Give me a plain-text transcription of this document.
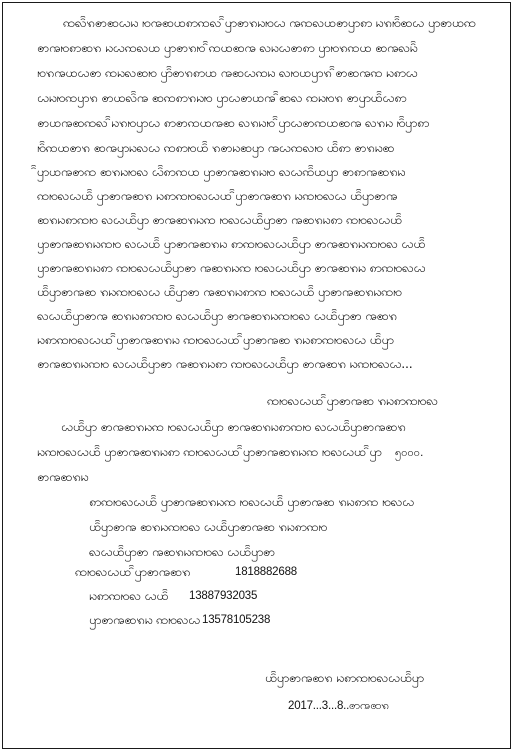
ꩡꩮꩰꩫꩦꩧꩬꩢ ꩯꩠꩧꩤꩱꩡꩮ ꩰꩥꩦꩫꩢꩯꩬ ꩠꩡꩮꩤꩦꩥꩱ ꩢꩫꩯꩰꩧꩬ ꩥꩦꩤꩡ
ꩦꩠꩯꩱꩧꩫ ꩢꩬꩡꩮꩤ ꩥꩦꩫꩯ ꩰꩡꩤꩧꩠ ꩮꩢꩬꩦꩱ ꩥꩯꩫꩡꩤ ꩧꩠꩮꩢꩰ
ꩯꩫꩠꩤꩬꩦ ꩡꩢꩮꩧꩯ ꩥꩰꩦꩫꩱꩤ ꩠꩧꩬꩡꩢ ꩮꩯꩤꩥꩫ ꩰꩦꩧꩠꩡ ꩢꩱꩬ
ꩬꩢꩯꩡꩥꩫ ꩦꩤꩮꩰꩠ ꩧꩡꩱꩫꩢꩯ ꩥꩬꩦꩤꩠ ꩰꩧꩮ ꩡꩢꩯꩫ ꩦꩥꩤꩰꩬꩱ
ꩦꩤꩠꩧꩡꩮ ꩰꩢꩫꩯꩥꩬ ꩱꩦꩡꩤꩠꩧ ꩮꩫꩢꩯ ꩰꩥꩬꩦꩡꩤꩧꩠ ꩮꩫꩢ ꩯꩰꩥꩱ
ꩯꩰꩡꩤꩦꩫ ꩧꩠꩥꩢꩮꩬ ꩡꩱꩯꩤꩰ ꩫꩦꩢꩧꩥ ꩠꩬꩡꩮꩯ ꩤꩰꩱ ꩦꩫꩢꩧ
ꩰꩥꩤꩠꩦꩡ ꩧꩫꩢꩯꩮ ꩬꩰꩱꩡꩤ ꩥꩦꩠꩧꩫꩢꩯ ꩮꩬꩡꩰꩤꩥ ꩦꩱꩠꩧꩫꩢ
ꩡꩯꩮꩬꩤꩰ ꩥꩦꩠꩧꩫ ꩢꩱꩡꩯꩮꩬꩤ ꩰꩥꩦꩠꩧꩫ ꩢꩡꩯꩮꩬ ꩤꩰꩥꩦꩠ
ꩧꩫꩢꩱꩡꩯ ꩮꩬꩤꩰꩥ ꩦꩠꩧꩫꩢꩡ ꩯꩮꩬꩤꩰꩥꩦ ꩠꩧꩫꩢꩱ ꩡꩯꩮꩬꩤꩰ
ꩥꩦꩠꩧꩫꩢꩡꩯ ꩮꩬꩤꩰ ꩥꩦꩠꩧꩫꩢ ꩱꩡꩯꩮꩬꩤꩰꩥ ꩦꩠꩧꩫꩢꩡꩯꩮ ꩬꩤꩰ
ꩥꩦꩠꩧꩫꩢꩱ ꩡꩯꩮꩬꩤꩰꩥꩦ ꩠꩧꩫꩢꩡ ꩯꩮꩬꩤꩰꩥ ꩦꩠꩧꩫꩢ ꩱꩡꩯꩮꩬ
ꩤꩰꩥꩦꩠꩧ ꩫꩢꩡꩯꩮꩬ ꩤꩰꩥꩦ ꩠꩧꩫꩢꩱꩡ ꩯꩮꩬꩤꩰ ꩥꩦꩠꩧꩫꩢꩡꩯ
ꩮꩬꩤꩰꩥꩦꩠ ꩧꩫꩢꩱꩡꩯ ꩮꩬꩤꩰꩥ ꩦꩠꩧꩫꩢꩡꩯꩮ ꩬꩤꩰꩥꩦ ꩠꩧꩫ
ꩢꩱꩡꩯꩮꩬꩤ ꩰꩥꩦꩠꩧꩫꩢ ꩡꩯꩮꩬꩤ ꩰꩥꩦꩠꩧ ꩫꩢꩱꩡꩯꩮꩬ ꩤꩰꩥ
ꩦꩠꩧꩫꩢꩡꩯ ꩮꩬꩤꩰꩥꩦ ꩠꩧꩫꩢꩱ ꩡꩯꩮꩬꩤꩰꩥ ꩦꩠꩧꩫ ꩢꩡꩯꩮꩬ...
ꩡꩯꩮꩬꩤ ꩰꩥꩦꩠꩧ ꩫꩢꩱꩡꩯꩮ
ꩬꩤꩰꩥ ꩦꩠꩧꩫꩢꩡ ꩯꩮꩬꩤꩰꩥ ꩦꩠꩧꩫꩢꩱꩡꩯ ꩮꩬꩤꩰꩥꩦꩠꩧꩫ
ꩢꩡꩯꩮꩬꩤꩰ ꩥꩦꩠꩧꩫꩢꩱ ꩡꩯꩮꩬꩤ ꩰꩥꩦꩠꩧꩫꩢꩡ ꩯꩮꩬꩤ ꩰꩥ ၅၀၀၀.
ꩦꩠꩧꩫꩢ
ꩱꩡꩯꩮꩬꩤꩰ ꩥꩦꩠꩧꩫꩢꩡ ꩯꩮꩬꩤꩰ ꩥꩦꩠꩧ ꩫꩢꩱꩡ ꩯꩮꩬ
ꩤꩰꩥꩦꩠ ꩧꩫꩢꩡꩯꩮ ꩬꩤꩰꩥꩦꩠꩧ ꩫꩢꩱꩡꩯ
ꩮꩬꩤꩰꩥꩦ ꩠꩧꩫꩢꩡꩯꩮ ꩬꩤꩰꩥꩦ
ꩡꩯꩮꩬꩤ ꩰꩥꩦꩠꩧꩫ	1818882688
ꩢꩱꩡꩯꩮ ꩬꩤꩰ 13887932035
ꩥꩦꩠꩧꩫꩢ ꩡꩯꩮꩬ 13578105238
ꩤꩰꩥꩦꩠꩧꩫ ꩢꩱꩡꩯꩮꩬꩤꩰꩥ
2017...3...8..ꩦꩠꩧꩫ
